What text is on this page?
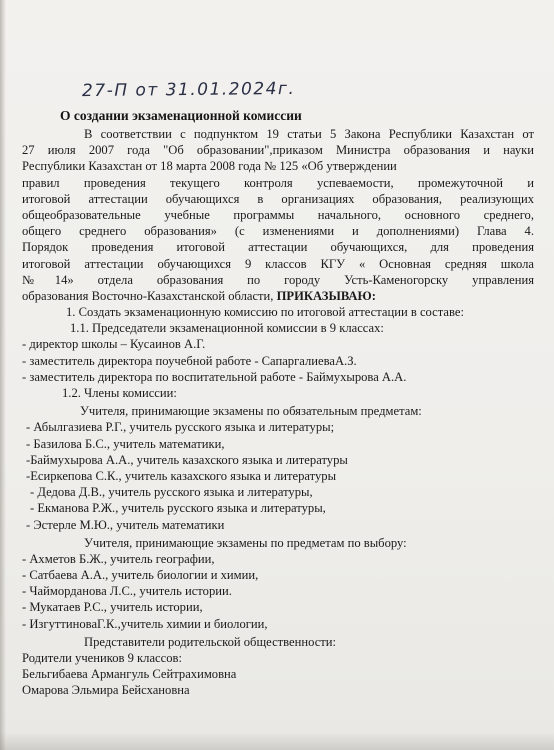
27-П от 31.01.2024г.
О создании экзаменационной комиссии
В соответствии с подпунктом 19 статьи 5 Закона Республики Казахстан от
27 июля 2007 года "Об образовании",приказом Министра образования и науки
Республики Казахстан от 18 марта 2008 года № 125 «Об утверждении
правил проведения текущего контроля успеваемости, промежуточной и
итоговой аттестации обучающихся в организациях образования, реализующих
общеобразовательные учебные программы начального, основного среднего,
общего среднего образования» (с изменениями и дополнениями) Глава 4.
Порядок проведения итоговой аттестации обучающихся, для проведения
итоговой аттестации обучающихся 9 классов КГУ « Основная средняя школа
№14» отдела образования по городу Усть-Каменогорску управления
образования Восточно-Казахстанской области, ПРИКАЗЫВАЮ:
1. Создать экзаменационную комиссию по итоговой аттестации в составе:
1.1. Председатели экзаменационной комиссии в 9 классах:
- директор школы – Кусаинов А.Г.
- заместитель директора поучебной работе - СапаргалиеваА.З.
- заместитель директора по воспитательной работе - Баймухырова А.А.
1.2. Члены комиссии:
Учителя, принимающие экзамены по обязательным предметам:
- Абылгазиева Р.Г., учитель русского языка и литературы;
- Базилова Б.С., учитель математики,
-Баймухырова А.А., учитель казахского языка и литературы
-Есиркепова С.К., учитель казахского языка и литературы
- Дедова Д.В., учитель русского языка и литературы,
- Екманова Р.Ж., учитель русского языка и литературы,
- Эстерле М.Ю., учитель математики
Учителя, принимающие экзамены по предметам по выбору:
- Ахметов Б.Ж., учитель географии,
- Сатбаева А.А., учитель биологии и химии,
- Чайморданова Л.С., учитель истории.
- Мукатаев Р.С., учитель истории,
- ИзгуттиноваГ.К.,учитель химии и биологии,
Представители родительской общественности:
Родители учеников 9 классов:
Бельгибаева Армангуль Сейтрахимовна
Омарова Эльмира Бейсхановна
